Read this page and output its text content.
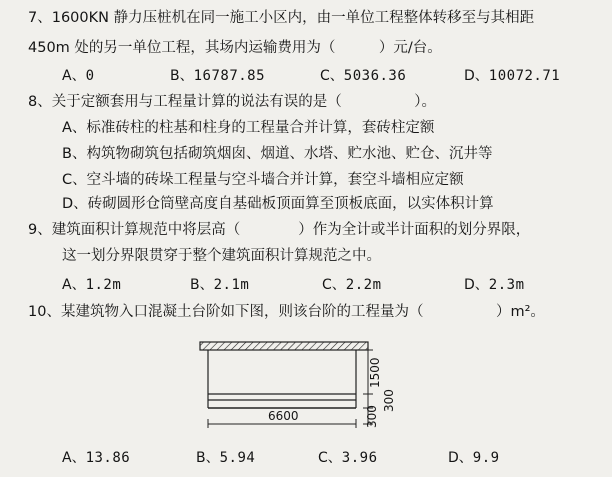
7、1600KN 静力压桩机在同一施工小区内，由一单位工程整体转移至与其相距
450m 处的另一单位工程，其场内运输费用为（　　　）元/台。
A、0	B、16787.85	C、5036.36	D、10072.71
8、关于定额套用与工程量计算的说法有误的是（　　　　　）。
A、标准砖柱的柱基和柱身的工程量合并计算，套砖柱定额
B、构筑物砌筑包括砌筑烟囱、烟道、水塔、贮水池、贮仓、沉井等
C、空斗墙的砖垛工程量与空斗墙合并计算，套空斗墙相应定额
D、砖砌圆形仓筒壁高度自基础板顶面算至顶板底面，以实体积计算
9、建筑面积计算规范中将层高（　　　　）作为全计或半计面积的划分界限，
这一划分界限贯穿于整个建筑面积计算规范之中。
A、1.2m	B、2.1m	C、2.2m	D、2.3m
10、某建筑物入口混凝土台阶如下图，则该台阶的工程量为（　　　　　）m²。
1500
300
300
6600
A、13.86	B、5.94	C、3.96	D、9.9
